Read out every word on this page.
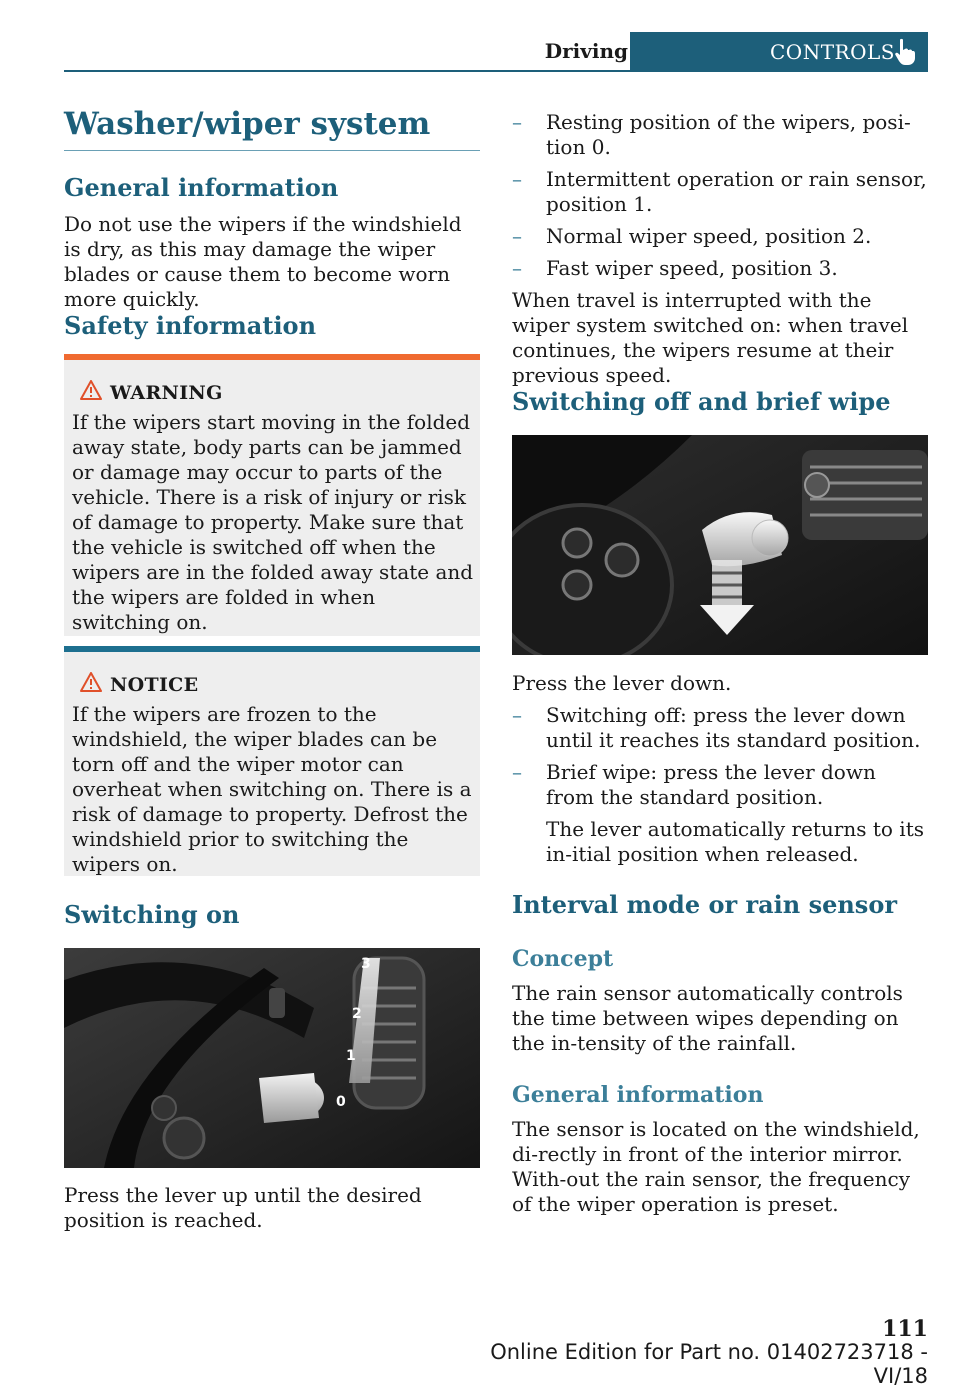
Driving	CONTROLS
Washer/wiper system
General information
Do not use the wipers if the windshield is dry, as this may damage the wiper blades or cause them to become worn more quickly.
Safety information
WARNING
If the wipers start moving in the folded away state, body parts can be jammed or damage may occur to parts of the vehicle. There is a risk of injury or risk of damage to property. Make sure that the vehicle is switched off when the wipers are in the folded away state and the wipers are folded in when switching on.
NOTICE
If the wipers are frozen to the windshield, the wiper blades can be torn off and the wiper motor can overheat when switching on. There is a risk of damage to property. Defrost the windshield prior to switching the wipers on.
Switching on
3
2
1
0
Press the lever up until the desired position is reached.
– Resting position of the wipers, posi-tion 0.
– Intermittent operation or rain sensor, position 1.
– Normal wiper speed, position 2.
– Fast wiper speed, position 3.
When travel is interrupted with the wiper system switched on: when travel continues, the wipers resume at their previous speed.
Switching off and brief wipe
Press the lever down.
– Switching off: press the lever down until it reaches its standard position.
– Brief wipe: press the lever down from the standard position.
The lever automatically returns to its in-itial position when released.
Interval mode or rain sensor
Concept
The rain sensor automatically controls the time between wipes depending on the in-tensity of the rainfall.
General information
The sensor is located on the windshield, di-rectly in front of the interior mirror. With-out the rain sensor, the frequency of the wiper operation is preset.
111
Online Edition for Part no. 01402723718 - VI/18
